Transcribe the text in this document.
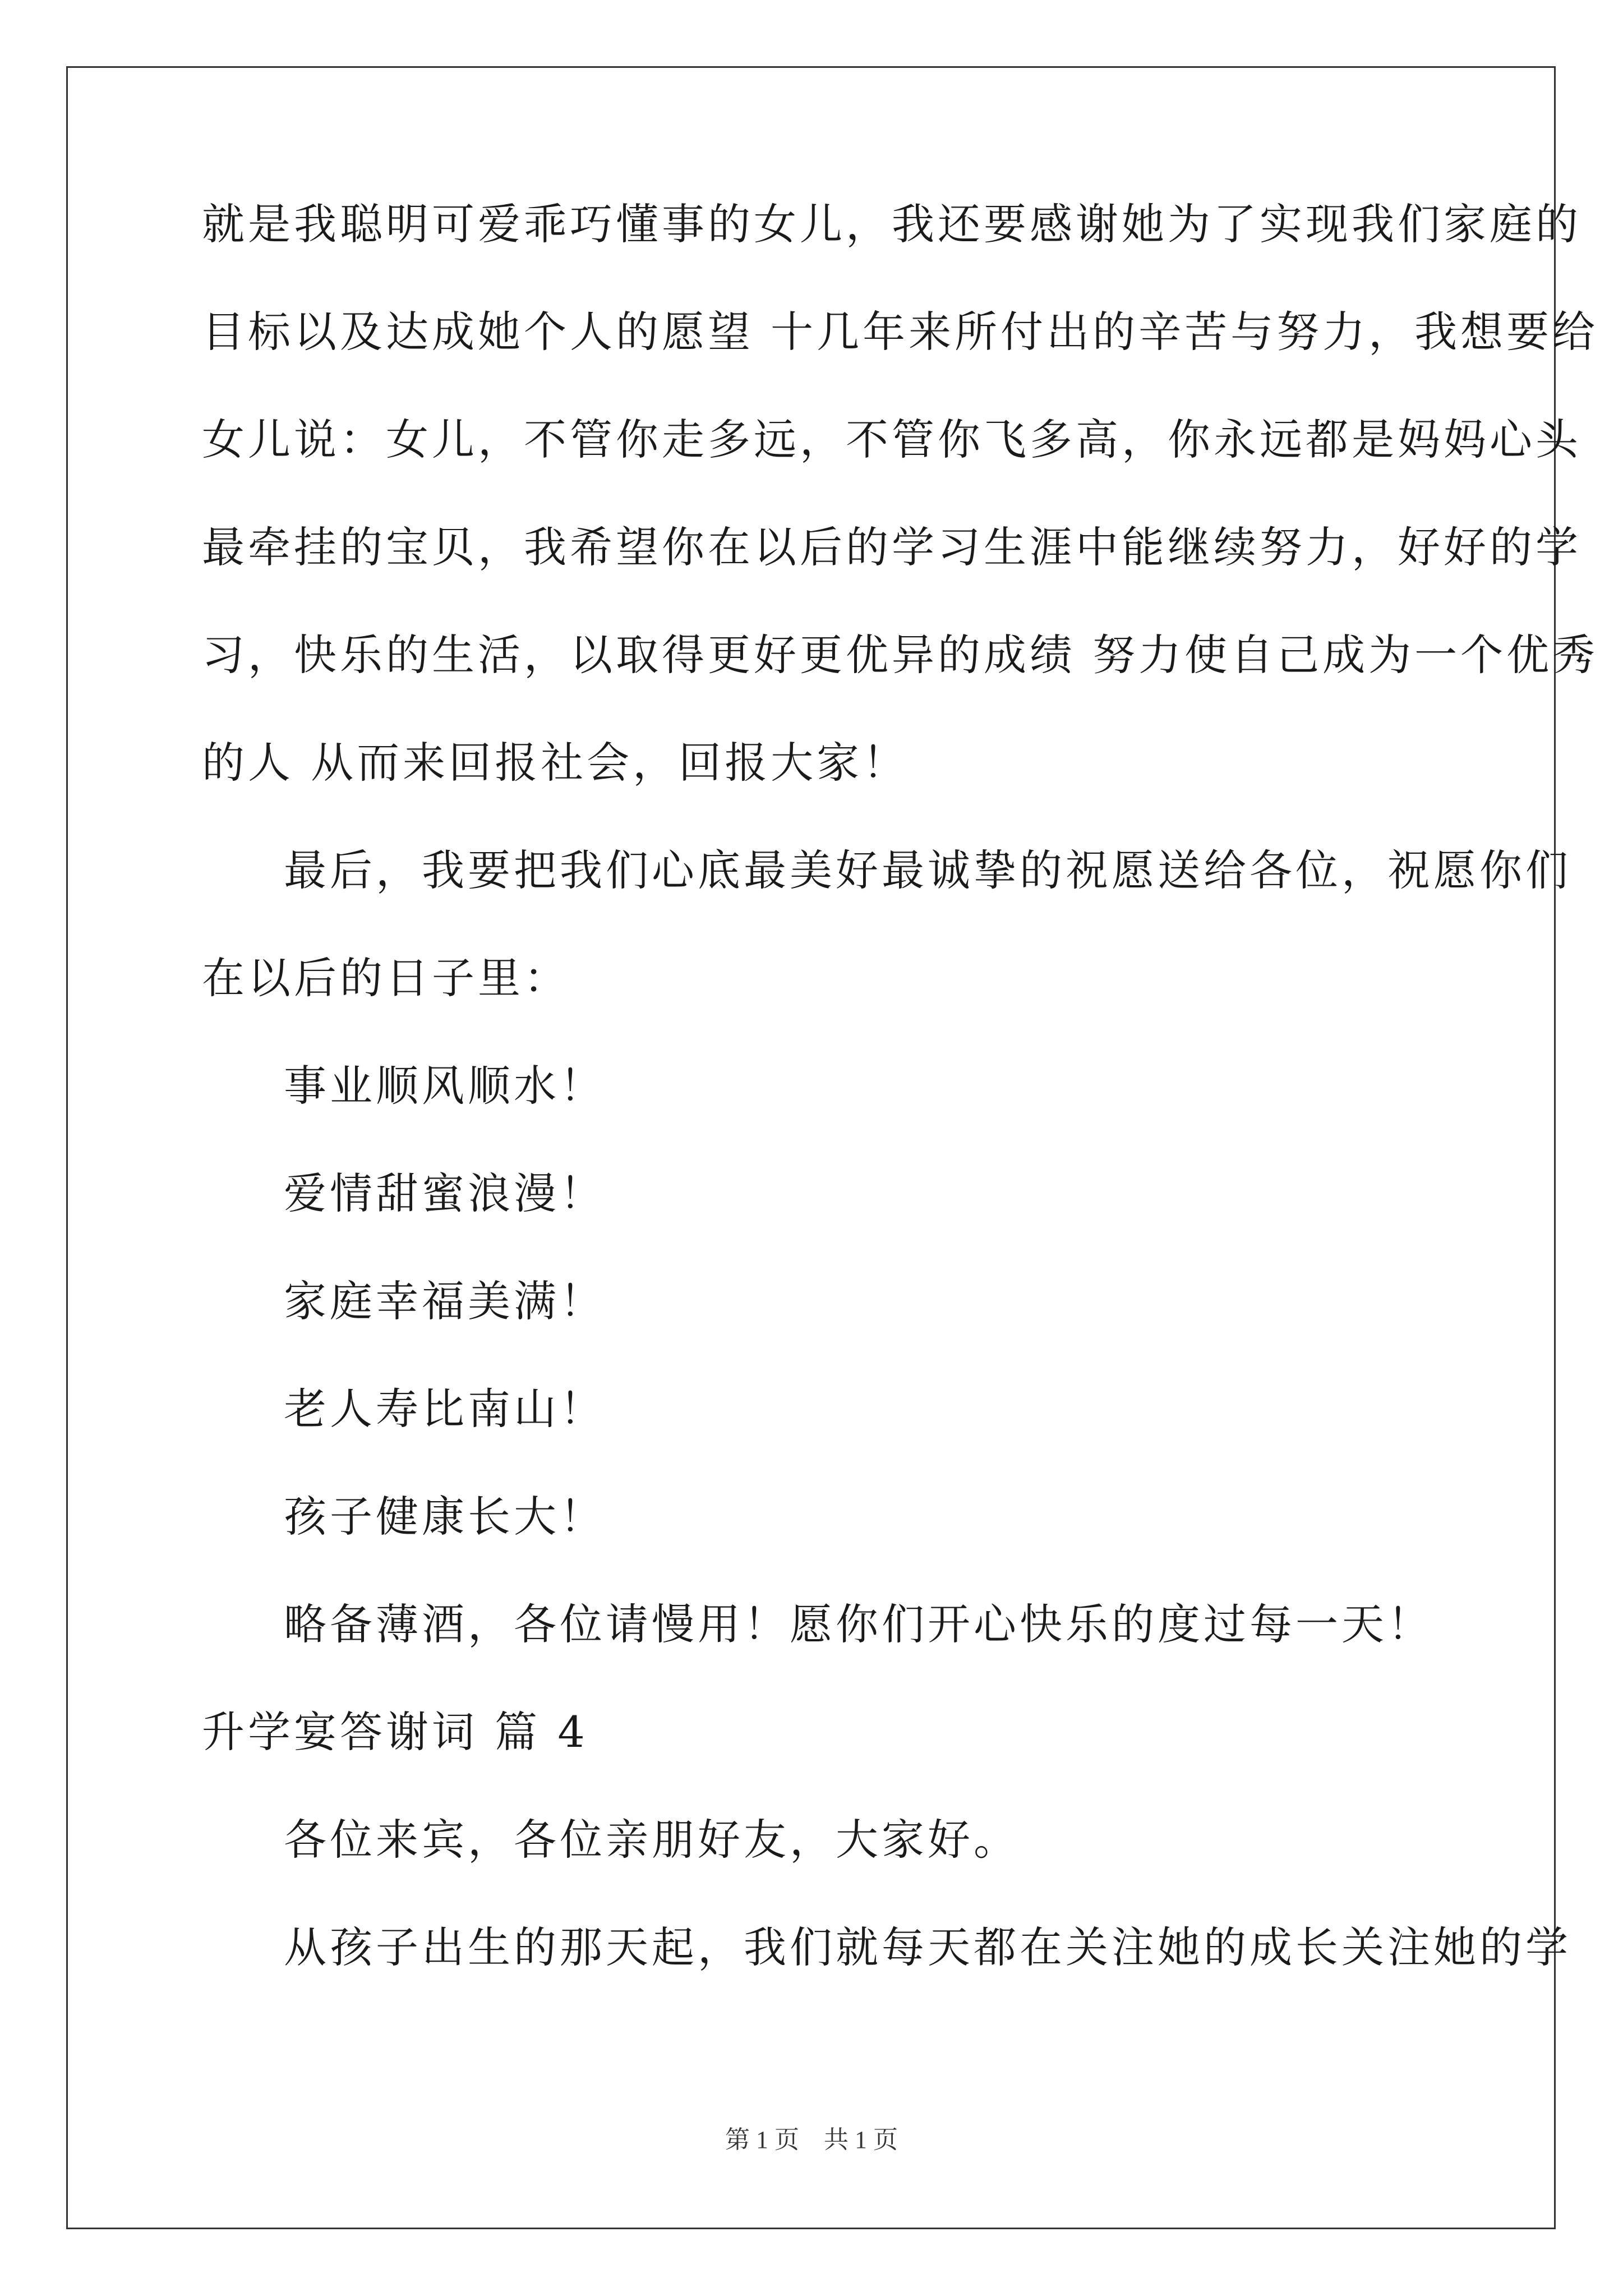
就是我聪明可爱乖巧懂事的女儿，我还要感谢她为了实现我们家庭的
目标以及达成她个人的愿望 十几年来所付出的辛苦与努力，我想要给
女儿说：女儿，不管你走多远，不管你飞多高，你永远都是妈妈心头
最牵挂的宝贝，我希望你在以后的学习生涯中能继续努力，好好的学
习，快乐的生活，以取得更好更优异的成绩 努力使自己成为一个优秀
的人 从而来回报社会，回报大家！
最后，我要把我们心底最美好最诚挚的祝愿送给各位，祝愿你们
在以后的日子里：
事业顺风顺水！
爱情甜蜜浪漫！
家庭幸福美满！
老人寿比南山！
孩子健康长大！
略备薄酒，各位请慢用！愿你们开心快乐的度过每一天！
升学宴答谢词 篇 4
各位来宾，各位亲朋好友，大家好。
从孩子出生的那天起，我们就每天都在关注她的成长关注她的学
第 1 页　共 1 页
